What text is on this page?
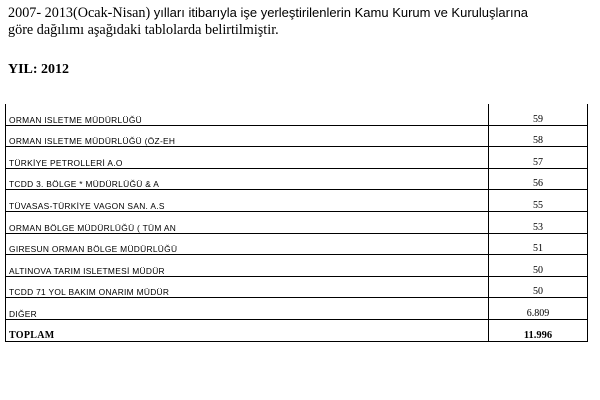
2007- 2013(Ocak-Nisan) yılları itibarıyla işe yerleştirilenlerin Kamu Kurum ve Kuruluşlarına
göre dağılımı aşağıdaki tablolarda belirtilmiştir.
YIL: 2012
ORMAN ISLETME MÜDÜRLÜĞÜ	59
ORMAN ISLETME MÜDÜRLÜĞÜ (ÖZ-EH	58
TÜRKİYE PETROLLERİ A.O	57
TCDD 3. BÖLGE * MÜDÜRLÜĞÜ & A	56
TÜVASAS-TÜRKİYE VAGON SAN. A.S	55
ORMAN BÖLGE MÜDÜRLÜĞÜ ( TÜM AN	53
GIRESUN ORMAN BÖLGE MÜDÜRLÜĞÜ	51
ALTINOVA TARIM ISLETMESİ MÜDÜR	50
TCDD 71 YOL BAKIM ONARIM MÜDÜR	50
DIĞER	6.809
TOPLAM	11.996
